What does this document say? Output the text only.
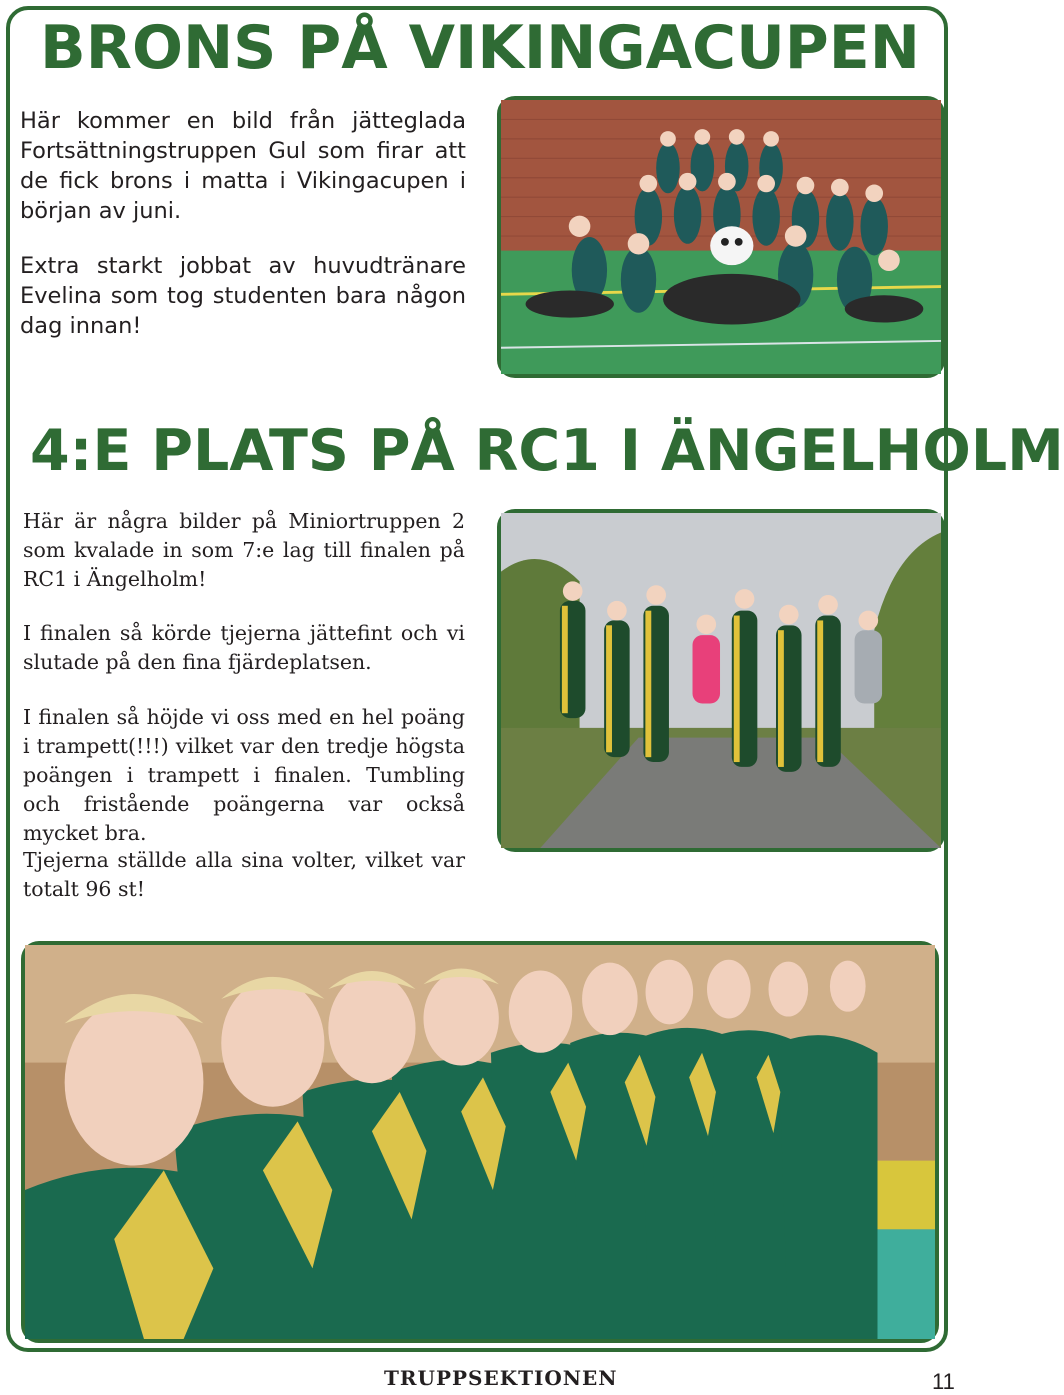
BRONS PÅ VIKINGACUPEN

Här kommer en bild från jätteglada Fortsättningstruppen Gul som firar att de fick brons i matta i Vikingacupen i början av juni.

Extra starkt jobbat av huvudtränare Evelina som tog studenten bara någon dag innan!

4:E PLATS PÅ RC1 I ÄNGELHOLM

Här är några bilder på Miniortruppen 2 som kvalade in som 7:e lag till finalen på RC1 i Ängelholm!

I finalen så körde tjejerna jättefint och vi slutade på den fina fjärdeplatsen.

I finalen så höjde vi oss med en hel poäng i trampett(!!!) vilket var den tredje högsta poängen i trampett i finalen. Tumbling och fristående poängerna var också mycket bra.

Tjejerna ställde alla sina volter, vilket var totalt 96 st!

TRUPPSEKTIONEN	11
